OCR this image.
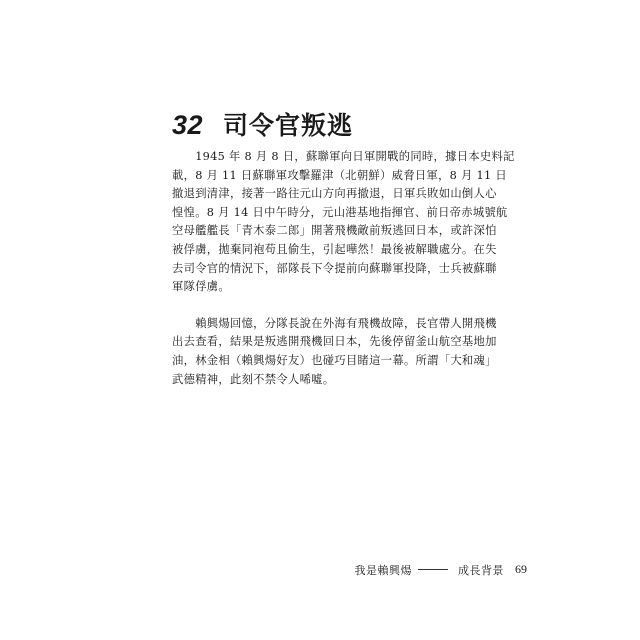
32 司令官叛逃
　　1945 年 8 月 8 日，蘇聯軍向日軍開戰的同時，據日本史料記
載，8 月 11 日蘇聯軍攻擊羅津（北朝鮮）威脅日軍，8 月 11 日
撤退到清津，接著一路往元山方向再撤退，日軍兵敗如山倒人心
惶惶。8 月 14 日中午時分，元山港基地指揮官、前日帝赤城號航
空母艦艦長「青木泰二郎」開著飛機敵前叛逃回日本，或許深怕
被俘虜，拋棄同袍苟且偷生，引起嘩然！最後被解職處分。在失
去司令官的情況下，部隊長下令提前向蘇聯軍投降，士兵被蘇聯
軍隊俘虜。
　　賴興煬回憶，分隊長說在外海有飛機故障，長官帶人開飛機
出去查看，結果是叛逃開飛機回日本，先後停留釜山航空基地加
油，林金相（賴興煬好友）也碰巧目睹這一幕。所謂「大和魂」
武德精神，此刻不禁令人唏噓。
我是賴興煬	成長背景 69
